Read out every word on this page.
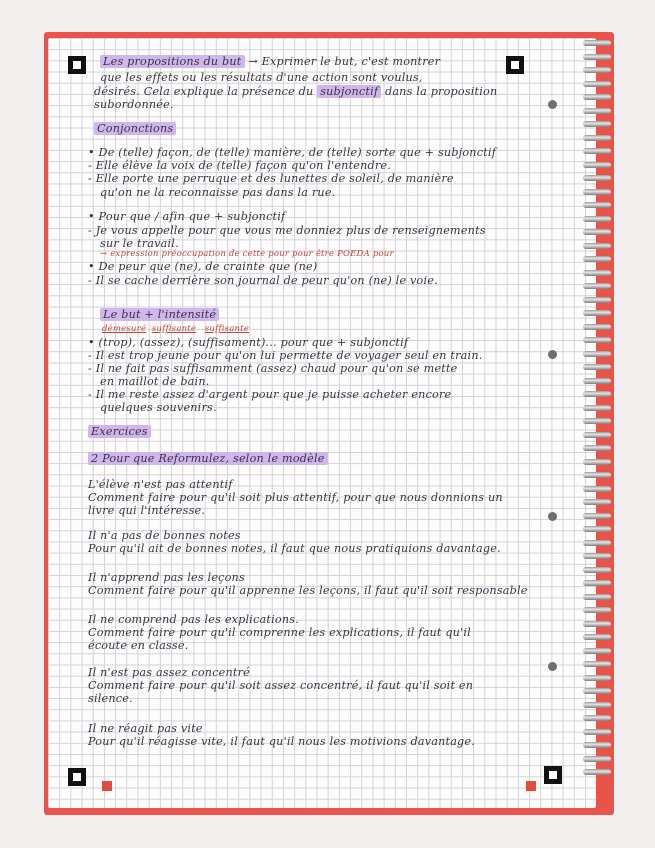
Les propositions du but → Exprimer le but, c'est montrer
que les effets ou les résultats d'une action sont voulus,
désirés. Cela explique la présence du subjonctif dans la proposition
subordonnée.
Conjonctions
• De (telle) façon, de (telle) manière, de (telle) sorte que + subjonctif
- Elle élève la voix de (telle) façon qu'on l'entendre.
- Elle porte une perruque et des lunettes de soleil, de manière
qu'on ne la reconnaisse pas dans la rue.
• Pour que / afin que + subjonctif
- Je vous appelle pour que vous me donniez plus de renseignements
sur le travail.
→ expression préoccupation de cette pour pour être POEDA pour
• De peur que (ne), de crainte que (ne)
- Il se cache derrière son journal de peur qu'on (ne) le voie.
Le but + l'intensité
démesuré suffisante suffisante
• (trop), (assez), (suffisament)... pour que + subjonctif
- Il est trop jeune pour qu'on lui permette de voyager seul en train.
- Il ne fait pas suffisamment (assez) chaud pour qu'on se mette
en maillot de bain.
- Il me reste assez d'argent pour que je puisse acheter encore
quelques souvenirs.
Exercices
2 Pour que Reformulez, selon le modèle
L'élève n'est pas attentif
Comment faire pour qu'il soit plus attentif, pour que nous donnions un
livre qui l'intéresse.
Il n'a pas de bonnes notes
Pour qu'il ait de bonnes notes, il faut que nous pratiquions davantage.
Il n'apprend pas les leçons
Comment faire pour qu'il apprenne les leçons, il faut qu'il soit responsable
Il ne comprend pas les explications.
Comment faire pour qu'il comprenne les explications, il faut qu'il
écoute en classe.
Il n'est pas assez concentré
Comment faire pour qu'il soit assez concentré, il faut qu'il soit en
silence.
Il ne réagit pas vite
Pour qu'il réagisse vite, il faut qu'il nous les motivions davantage.
